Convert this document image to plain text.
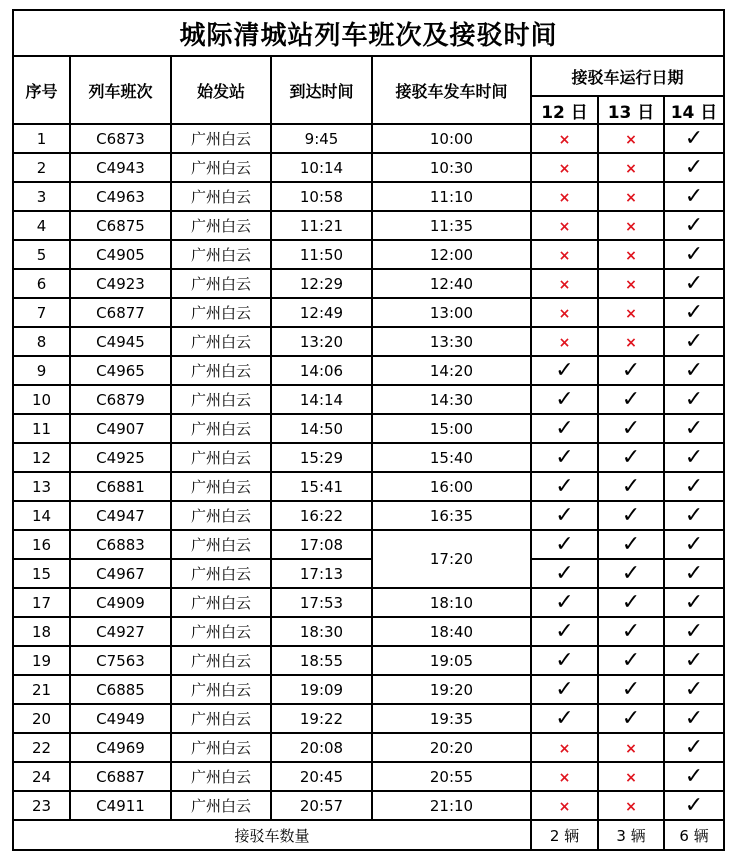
城际清城站列车班次及接驳时间							
序号	列车班次	始发站	到达时间	接驳车发车时间	接驳车运行日期		
					12 日	13 日	14 日
1	C6873	广州白云	9:45	10:00	×	×	✓
2	C4943	广州白云	10:14	10:30	×	×	✓
3	C4963	广州白云	10:58	11:10	×	×	✓
4	C6875	广州白云	11:21	11:35	×	×	✓
5	C4905	广州白云	11:50	12:00	×	×	✓
6	C4923	广州白云	12:29	12:40	×	×	✓
7	C6877	广州白云	12:49	13:00	×	×	✓
8	C4945	广州白云	13:20	13:30	×	×	✓
9	C4965	广州白云	14:06	14:20	✓	✓	✓
10	C6879	广州白云	14:14	14:30	✓	✓	✓
11	C4907	广州白云	14:50	15:00	✓	✓	✓
12	C4925	广州白云	15:29	15:40	✓	✓	✓
13	C6881	广州白云	15:41	16:00	✓	✓	✓
14	C4947	广州白云	16:22	16:35	✓	✓	✓
16	C6883	广州白云	17:08	17:20	✓	✓	✓
15	C4967	广州白云	17:13		✓	✓	✓
17	C4909	广州白云	17:53	18:10	✓	✓	✓
18	C4927	广州白云	18:30	18:40	✓	✓	✓
19	C7563	广州白云	18:55	19:05	✓	✓	✓
21	C6885	广州白云	19:09	19:20	✓	✓	✓
20	C4949	广州白云	19:22	19:35	✓	✓	✓
22	C4969	广州白云	20:08	20:20	×	×	✓
24	C6887	广州白云	20:45	20:55	×	×	✓
23	C4911	广州白云	20:57	21:10	×	×	✓
接驳车数量					2 辆	3 辆	6 辆
